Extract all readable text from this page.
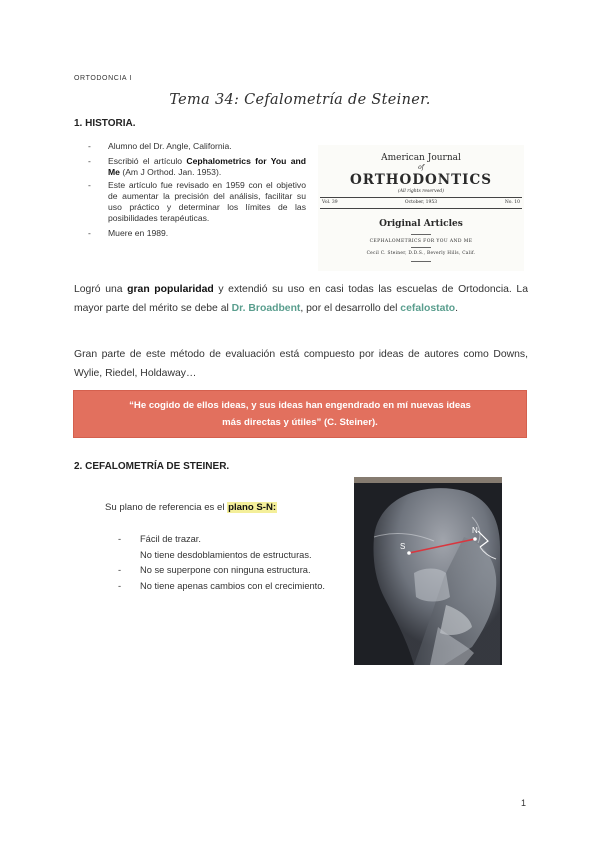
ORTODONCIA I
Tema 34: Cefalometría de Steiner.
1. HISTORIA.
- Alumno del Dr. Angle, California.
- Escribió el artículo Cephalometrics for You and Me (Am J Orthod. Jan. 1953).
- Este artículo fue revisado en 1959 con el objetivo de aumentar la precisión del análisis, facilitar su uso práctico y determinar los límites de las posibilidades terapéuticas.
- Muere en 1989.
American Journal
of
ORTHODONTICS
(All rights reserved)
Vol. 39	October, 1953	No. 10
Original Articles
CEPHALOMETRICS FOR YOU AND ME
Cecil C. Steiner, D.D.S., Beverly Hills, Calif.
Logró una gran popularidad y extendió su uso en casi todas las escuelas de Ortodoncia. La mayor parte del mérito se debe al Dr. Broadbent, por el desarrollo del cefalostato.
Gran parte de este método de evaluación está compuesto por ideas de autores como Downs, Wylie, Riedel, Holdaway…
“He cogido de ellos ideas, y sus ideas han engendrado en mí nuevas ideas
más directas y útiles” (C. Steiner).
2. CEFALOMETRÍA DE STEINER.
Su plano de referencia es el plano S-N:
- Fácil de trazar.
No tiene desdoblamientos de estructuras.
- No se superpone con ninguna estructura.
- No tiene apenas cambios con el crecimiento.
S
N
1
